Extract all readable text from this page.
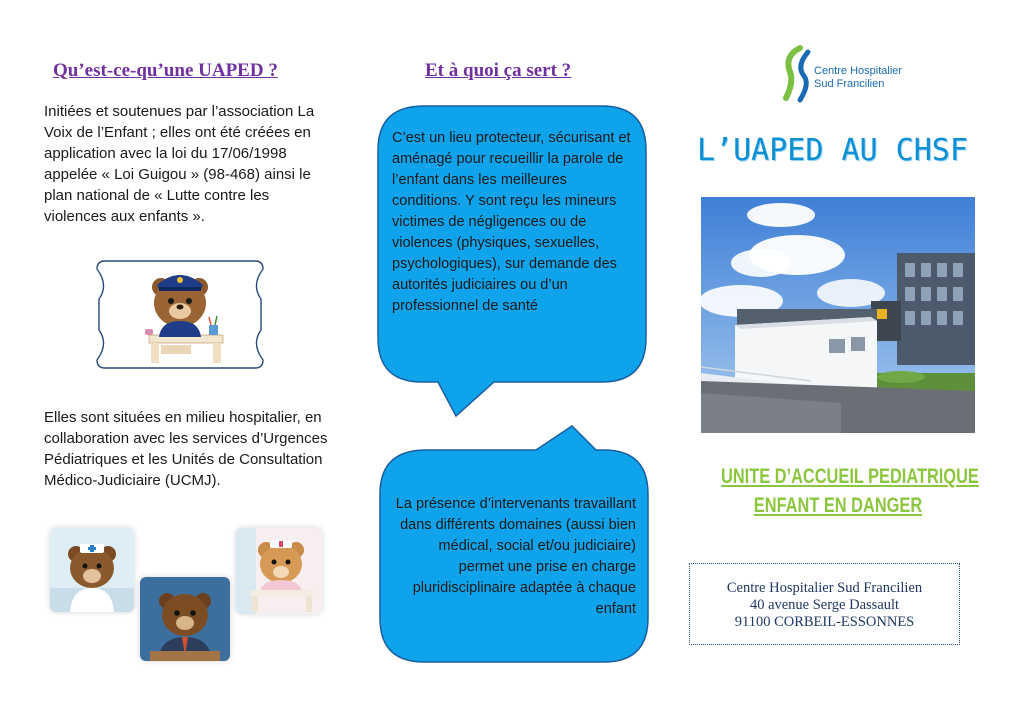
Qu’est-ce-qu’une UAPED ?
Initiées et soutenues par l’association La Voix de l’Enfant ; elles ont été créées en application avec la loi du 17/06/1998 appelée « Loi Guigou » (98-468) ainsi le plan national de « Lutte contre les violences aux enfants ».
Elles sont situées en milieu hospitalier, en collaboration avec les services d’Urgences Pédiatriques et les Unités de Consultation Médico-Judiciaire (UCMJ).
Et à quoi ça sert ?
C’est un lieu protecteur, sécurisant et aménagé pour recueillir la parole de l’enfant dans les meilleures conditions. Y sont reçu les mineurs victimes de négligences ou de violences (physiques, sexuelles, psychologiques), sur demande des autorités judiciaires ou d’un professionnel de santé
La présence d’intervenants travaillant dans différents domaines (aussi bien médical, social et/ou judiciaire) permet une prise en charge pluridisciplinaire adaptée à chaque enfant
Centre Hospitalier
Sud Francilien
L’UAPED AU CHSF
UNITE D’ACCUEIL PEDIATRIQUE
ENFANT EN DANGER
Centre Hospitalier Sud Francilien
40 avenue Serge Dassault
91100 CORBEIL-ESSONNES
